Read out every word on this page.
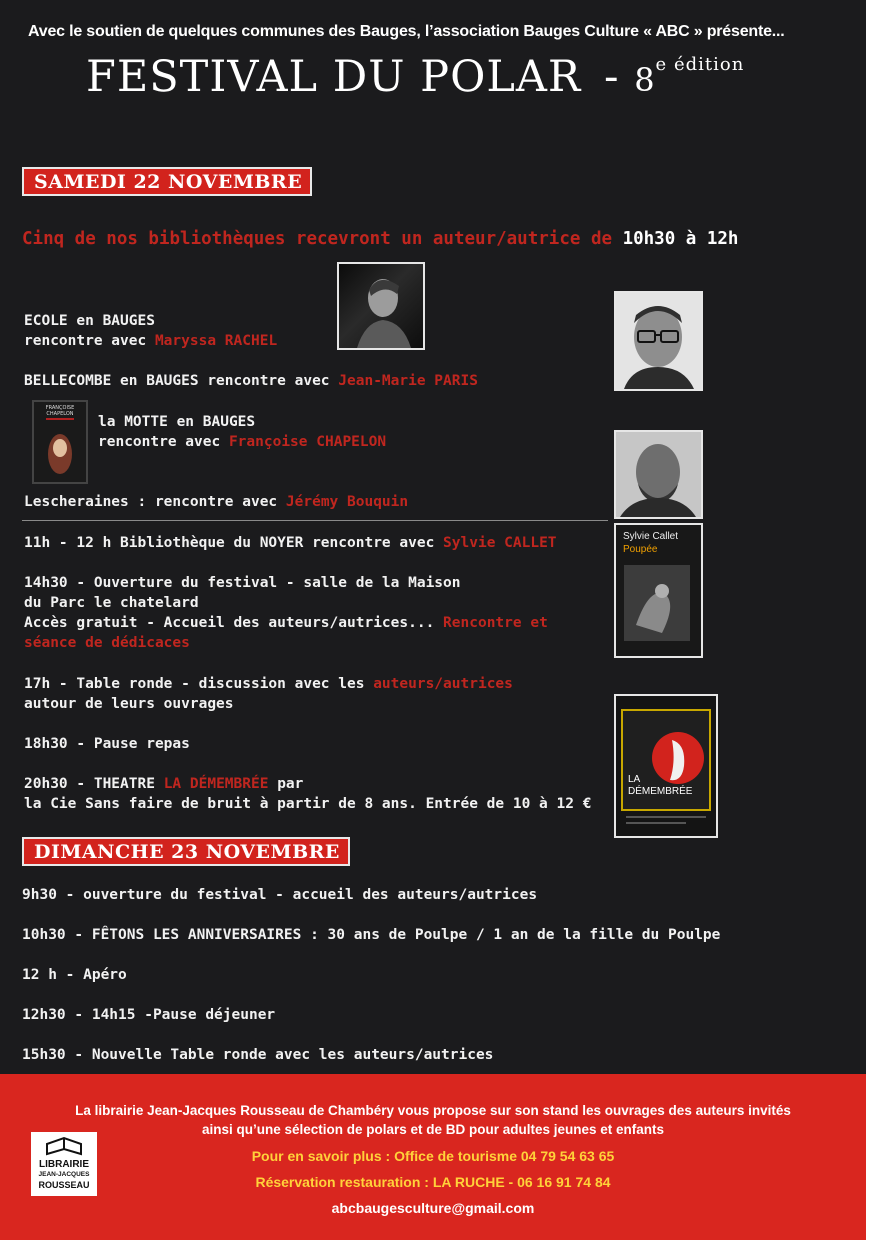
Avec le soutien de quelques communes des Bauges, l’association Bauges Culture « ABC » présente...
FESTIVAL DU POLAR - $8^{e édition}$
SAMEDI 22 NOVEMBRE
Cinq de nos bibliothèques recevront un auteur/autrice de 10h30 à 12h
ECOLE en BAUGES
rencontre avec Maryssa RACHEL
BELLECOMBE en BAUGES rencontre avec Jean-Marie PARIS
la MOTTE en BAUGES
rencontre avec Françoise CHAPELON
Lescheraines : rencontre avec Jérémy Bouquin
11h - 12 h Bibliothèque du NOYER rencontre avec Sylvie CALLET
14h30 - Ouverture du festival - salle de la Maison
du Parc le chatelard
Accès gratuit - Accueil des auteurs/autrices... Rencontre et
séance de dédicaces
17h - Table ronde - discussion avec les auteurs/autrices
autour de leurs ouvrages
18h30 - Pause repas
20h30 - THEATRE LA DÉMEMBRÉE par
la Cie Sans faire de bruit à partir de 8 ans. Entrée de 10 à 12 €
DIMANCHE 23 NOVEMBRE
9h30 - ouverture du festival - accueil des auteurs/autrices
10h30 - FÊTONS LES ANNIVERSAIRES : 30 ans de Poulpe / 1 an de la fille du Poulpe
12 h - Apéro
12h30 - 14h15 -Pause déjeuner
15h30 - Nouvelle Table ronde avec les auteurs/autrices
FRANÇOISE CHAPELON
Sylvie Callet
Poupée
LA
DÉMEMBRÉE
La librairie Jean-Jacques Rousseau de Chambéry vous propose sur son stand les ouvrages des auteurs invités
ainsi qu’une sélection de polars et de BD pour adultes jeunes et enfants
Pour en savoir plus : Office de tourisme 04 79 54 63 65
Réservation restauration : LA RUCHE - 06 16 91 74 84
abcbaugesculture@gmail.com
LIBRAIRIE
JEAN-JACQUES
ROUSSEAU
